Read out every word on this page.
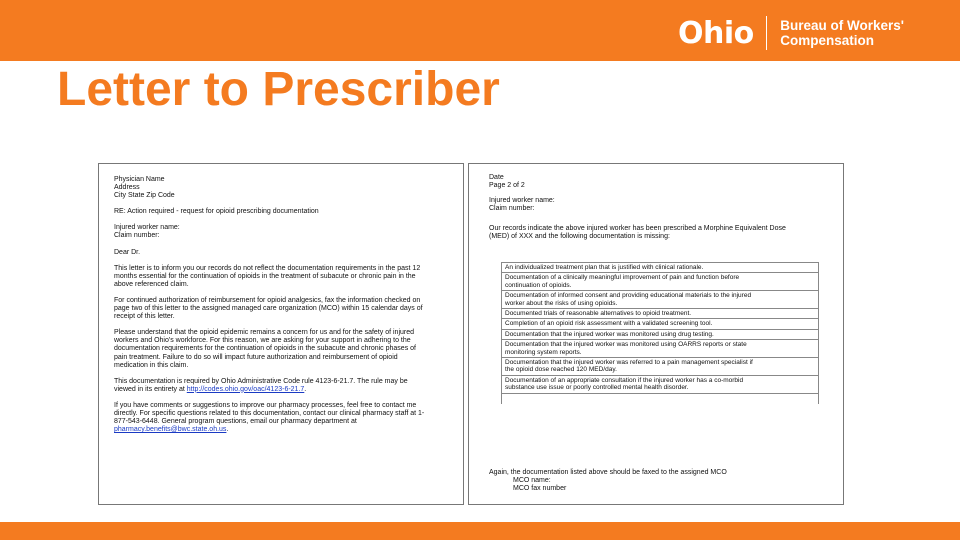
Ohio Bureau of Workers'
Compensation
Letter to Prescriber
Physician Name
Address
City State Zip Code
RE: Action required - request for opioid prescribing documentation
Injured worker name:
Claim number:
Dear Dr.
This letter is to inform you our records do not reflect the documentation requirements in the past 12
months essential for the continuation of opioids in the treatment of subacute or chronic pain in the
above referenced claim.
For continued authorization of reimbursement for opioid analgesics, fax the information checked on
page two of this letter to the assigned managed care organization (MCO) within 15 calendar days of
receipt of this letter.
Please understand that the opioid epidemic remains a concern for us and for the safety of injured
workers and Ohio's workforce. For this reason, we are asking for your support in adhering to the
documentation requirements for the continuation of opioids in the subacute and chronic phases of
pain treatment. Failure to do so will impact future authorization and reimbursement of opioid
medication in this claim.
This documentation is required by Ohio Administrative Code rule 4123-6-21.7. The rule may be
viewed in its entirety at http://codes.ohio.gov/oac/4123-6-21.7.
If you have comments or suggestions to improve our pharmacy processes, feel free to contact me
directly. For specific questions related to this documentation, contact our clinical pharmacy staff at 1-
877-543-6448. General program questions, email our pharmacy department at
pharmacy.benefits@bwc.state.oh.us.
Date
Page 2 of 2
Injured worker name:
Claim number:
Our records indicate the above injured worker has been prescribed a Morphine Equivalent Dose
(MED) of XXX and the following documentation is missing:
An individualized treatment plan that is justified with clinical rationale.

Documentation of a clinically meaningful improvement of pain and function before
continuation of opioids.

Documentation of informed consent and providing educational materials to the injured
worker about the risks of using opioids.

Documented trials of reasonable alternatives to opioid treatment.

Completion of an opioid risk assessment with a validated screening tool.

Documentation that the injured worker was monitored using drug testing.

Documentation that the injured worker was monitored using OARRS reports or state
monitoring system reports.

Documentation that the injured worker was referred to a pain management specialist if
the opioid dose reached 120 MED/day.

Documentation of an appropriate consultation if the injured worker has a co-morbid
substance use issue or poorly controlled mental health disorder.

Again, the documentation listed above should be faxed to the assigned MCO
MCO name:
MCO fax number
